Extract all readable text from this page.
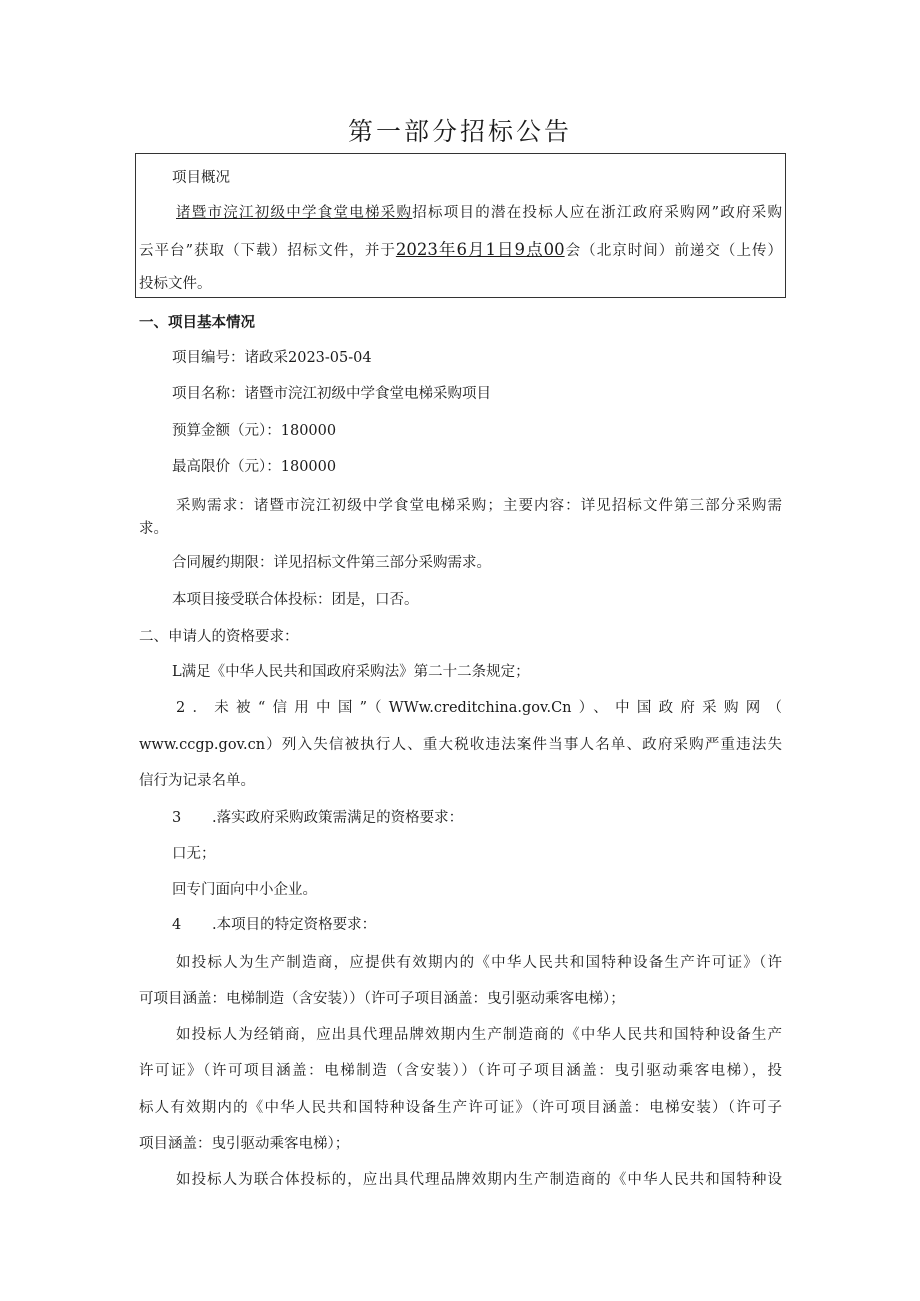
第一部分招标公告
项目概况
诸暨市浣江初级中学食堂电梯采购招标项目的潜在投标人应在浙江政府采购网”政府采购
云平台”获取（下载）招标文件，并于2023年6月1日9点00会（北京时间）前递交（上传）
投标文件。
一、项目基本情况
项目编号：诸政采2023-05-04
项目名称：诸暨市浣江初级中学食堂电梯采购项目
预算金额（元）：180000
最高限价（元）：180000
采购需求：诸暨市浣江初级中学食堂电梯采购；主要内容：详见招标文件第三部分采购需
求。
合同履约期限：详见招标文件第三部分采购需求。
本项目接受联合体投标：团是，口否。
二、申请人的资格要求：
L满足《中华人民共和国政府采购法》第二十二条规定；
2．未被“信用中国”（WWw.creditchina.gov.Cn）、中国政府采购网（
www.ccgp.gov.cn）列入失信被执行人、重大税收违法案件当事人名单、政府采购严重违法失
信行为记录名单。
3 .落实政府采购政策需满足的资格要求：
口无；
回专门面向中小企业。
4 .本项目的特定资格要求：
如投标人为生产制造商，应提供有效期内的《中华人民共和国特种设备生产许可证》（许
可项目涵盖：电梯制造（含安装））（许可子项目涵盖：曳引驱动乘客电梯）；
如投标人为经销商，应出具代理品牌效期内生产制造商的《中华人民共和国特种设备生产
许可证》（许可项目涵盖：电梯制造（含安装））（许可子项目涵盖：曳引驱动乘客电梯），投
标人有效期内的《中华人民共和国特种设备生产许可证》（许可项目涵盖：电梯安装）（许可子
项目涵盖：曳引驱动乘客电梯）；
如投标人为联合体投标的，应出具代理品牌效期内生产制造商的《中华人民共和国特种设
